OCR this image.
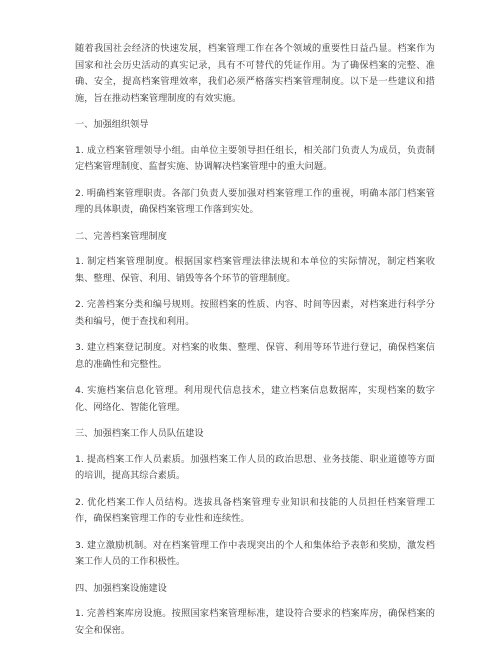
随着我国社会经济的快速发展，档案管理工作在各个领域的重要性日益凸显。档案作为国家和社会历史活动的真实记录，具有不可替代的凭证作用。为了确保档案的完整、准确、安全，提高档案管理效率，我们必须严格落实档案管理制度。以下是一些建议和措施，旨在推动档案管理制度的有效实施。

一、加强组织领导

1. 成立档案管理领导小组。由单位主要领导担任组长，相关部门负责人为成员，负责制定档案管理制度、监督实施、协调解决档案管理中的重大问题。

2. 明确档案管理职责。各部门负责人要加强对档案管理工作的重视，明确本部门档案管理的具体职责，确保档案管理工作落到实处。

二、完善档案管理制度

1. 制定档案管理制度。根据国家档案管理法律法规和本单位的实际情况，制定档案收集、整理、保管、利用、销毁等各个环节的管理制度。

2. 完善档案分类和编号规则。按照档案的性质、内容、时间等因素，对档案进行科学分类和编号，便于查找和利用。

3. 建立档案登记制度。对档案的收集、整理、保管、利用等环节进行登记，确保档案信息的准确性和完整性。

4. 实施档案信息化管理。利用现代信息技术，建立档案信息数据库，实现档案的数字化、网络化、智能化管理。

三、加强档案工作人员队伍建设

1. 提高档案工作人员素质。加强档案工作人员的政治思想、业务技能、职业道德等方面的培训，提高其综合素质。

2. 优化档案工作人员结构。选拔具备档案管理专业知识和技能的人员担任档案管理工作，确保档案管理工作的专业性和连续性。

3. 建立激励机制。对在档案管理工作中表现突出的个人和集体给予表彰和奖励，激发档案工作人员的工作积极性。

四、加强档案设施建设

1. 完善档案库房设施。按照国家档案管理标准，建设符合要求的档案库房，确保档案的安全和保密。
